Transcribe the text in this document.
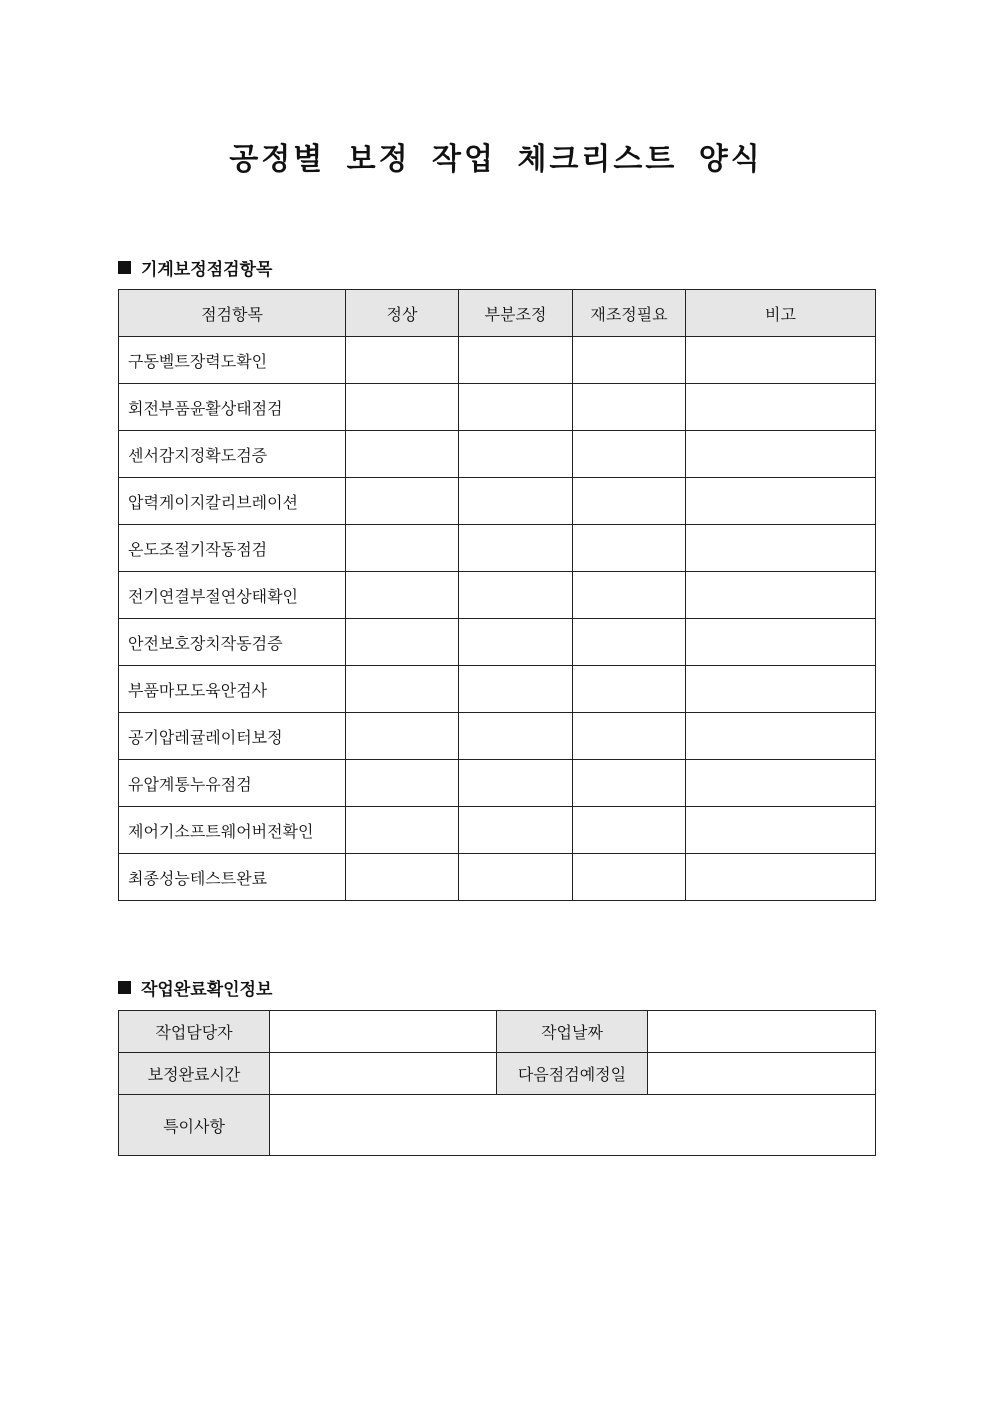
공정별 보정 작업 체크리스트 양식
기계보정점검항목
점검항목	정상	부분조정	재조정필요	비고
구동벨트장력도확인				
회전부품윤활상태점검				
센서감지정확도검증				
압력게이지칼리브레이션				
온도조절기작동점검				
전기연결부절연상태확인				
안전보호장치작동검증				
부품마모도육안검사				
공기압레귤레이터보정				
유압계통누유점검				
제어기소프트웨어버전확인				
최종성능테스트완료				
작업완료확인정보
작업담당자		작업날짜	
보정완료시간		다음점검예정일	
특이사항			
